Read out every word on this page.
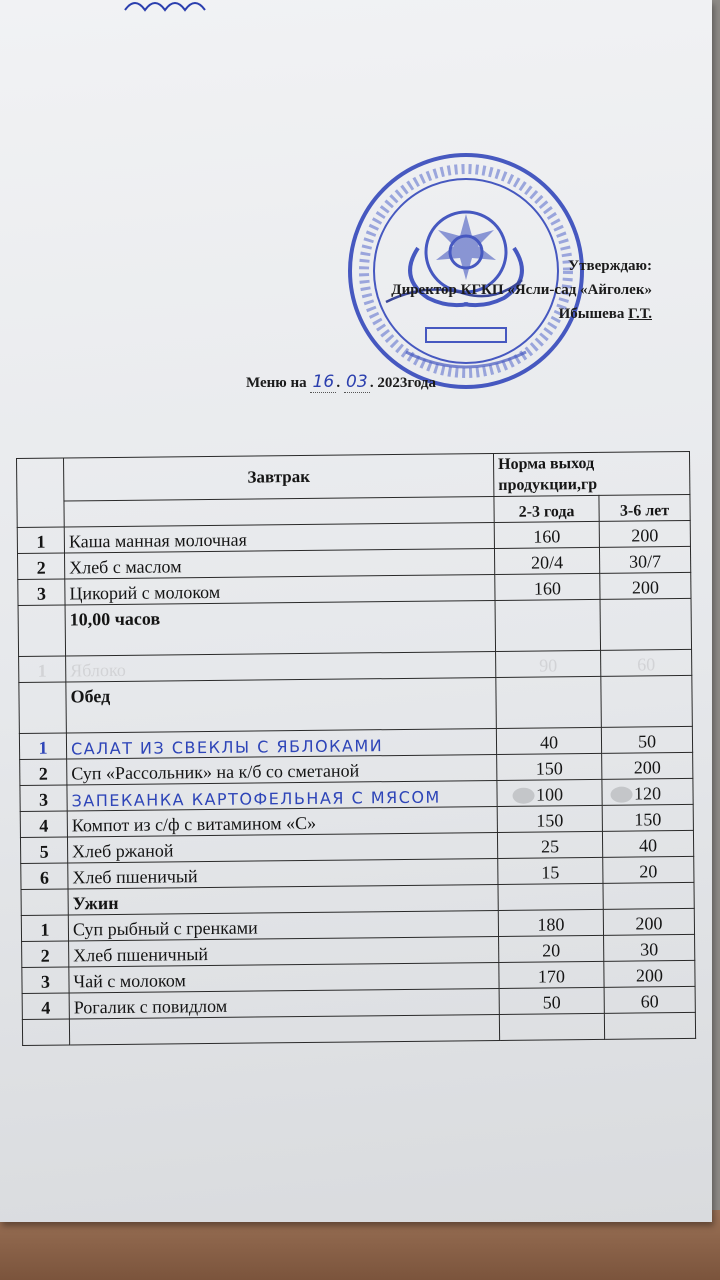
Утверждаю:
Директор КГКП «Ясли-сад «Айголек»
Ибышева Г.Т.
Меню на 16 . 03 . 2023года
	Завтрак	Норма выход продукции,гр	
		2-3 года	3-6 лет
1	Каша манная молочная	160	200
2	Хлеб с маслом	20/4	30/7
3	Цикорий с молоком	160	200
	10,00 часов		
1	Яблоко	90	60
	Обед		
1	САЛАТ ИЗ СВЕКЛЫ С ЯБЛОКАМИ	40	50
2	Суп «Рассольник» на к/б со сметаной	150	200
3	ЗАПЕКАНКА КАРТОФЕЛЬНАЯ С МЯСОМ	100	120
4	Компот из с/ф с витамином «С»	150	150
5	Хлеб ржаной	25	40
6	Хлеб пшеничый	15	20
	Ужин		
1	Суп рыбный с гренками	180	200
2	Хлеб пшеничный	20	30
3	Чай с молоком	170	200
4	Рогалик с повидлом	50	60
